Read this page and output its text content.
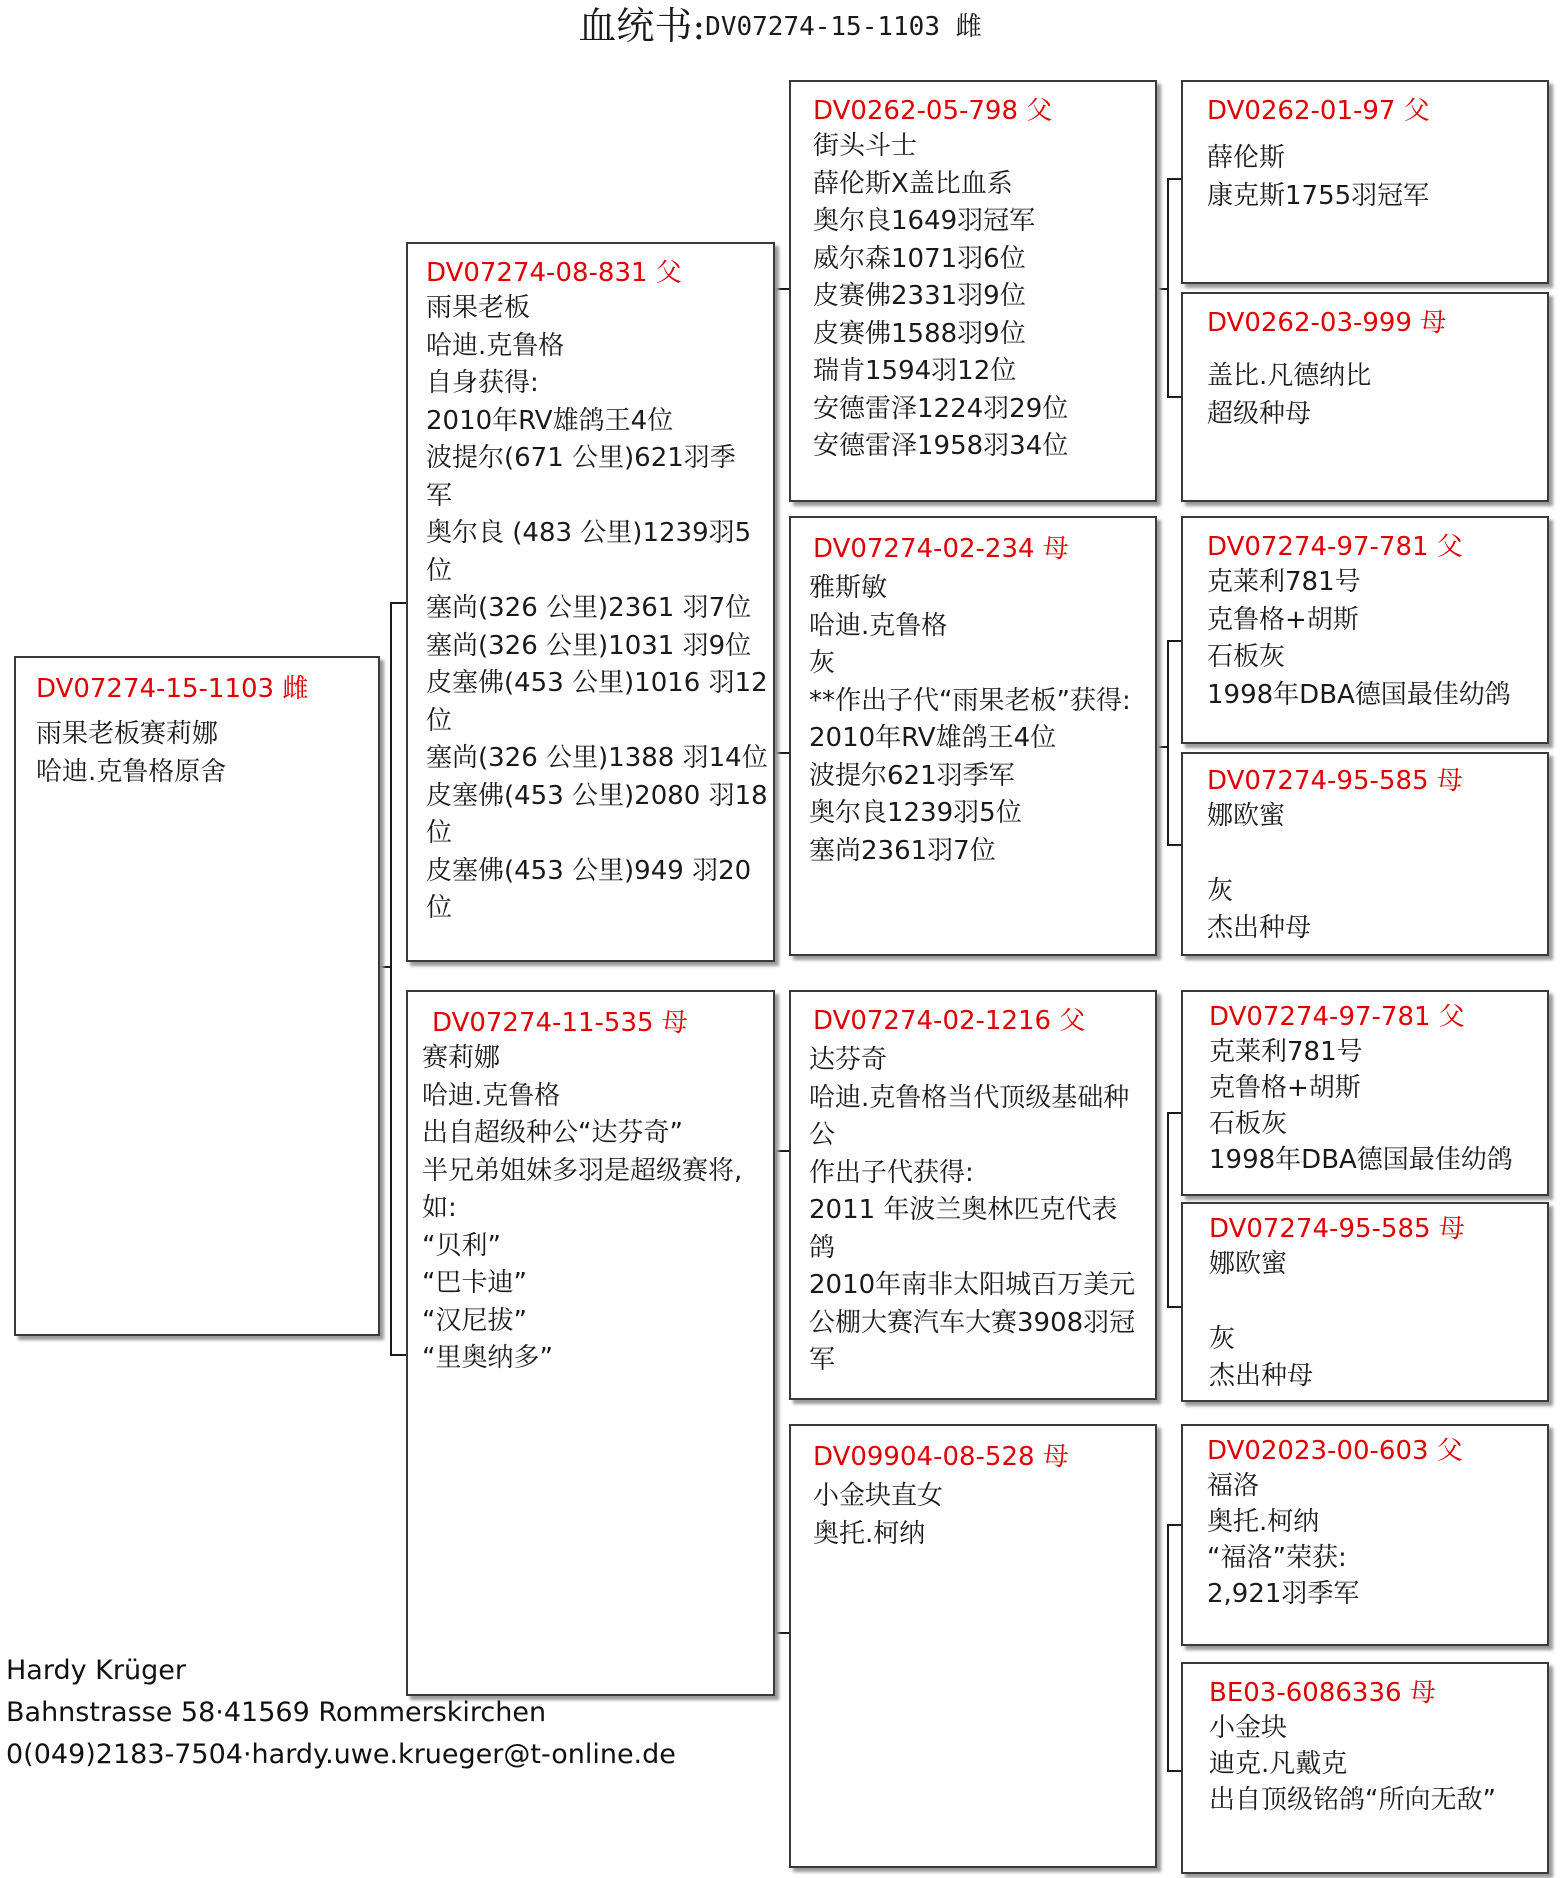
血统书:DV07274-15-1103 雌
DV07274-15-1103 雌
雨果老板赛莉娜
哈迪.克鲁格原舍
DV07274-08-831 父
雨果老板
哈迪.克鲁格
自身获得:
2010年RV雄鸽王4位
波提尔(671 公里)621羽季军
奥尔良 (483 公里)1239羽5位
塞尚(326 公里)2361 羽7位
塞尚(326 公里)1031 羽9位
皮塞佛(453 公里)1016 羽12位
塞尚(326 公里)1388 羽14位
皮塞佛(453 公里)2080 羽18位
皮塞佛(453 公里)949 羽20位
DV07274-11-535 母
赛莉娜
哈迪.克鲁格
出自超级种公“达芬奇”
半兄弟姐妹多羽是超级赛将,如:
“贝利”
“巴卡迪”
“汉尼拔”
“里奥纳多”
DV0262-05-798 父
街头斗士
薛伦斯X盖比血系
奥尔良1649羽冠军
威尔森1071羽6位
皮赛佛2331羽9位
皮赛佛1588羽9位
瑞肯1594羽12位
安德雷泽1224羽29位
安德雷泽1958羽34位
DV07274-02-234 母
雅斯敏
哈迪.克鲁格
灰
**作出子代“雨果老板”获得:
2010年RV雄鸽王4位
波提尔621羽季军
奥尔良1239羽5位
塞尚2361羽7位
DV07274-02-1216 父
达芬奇
哈迪.克鲁格当代顶级基础种公
作出子代获得:
2011 年波兰奥林匹克代表鸽
2010年南非太阳城百万美元公棚大赛汽车大赛3908羽冠军
DV09904-08-528 母
小金块直女
奥托.柯纳
DV0262-01-97 父
薛伦斯
康克斯1755羽冠军
DV0262-03-999 母
盖比.凡德纳比
超级种母
DV07274-97-781 父
克莱利781号
克鲁格+胡斯
石板灰
1998年DBA德国最佳幼鸽
DV07274-95-585 母
娜欧蜜
灰
杰出种母
DV07274-97-781 父
克莱利781号
克鲁格+胡斯
石板灰
1998年DBA德国最佳幼鸽
DV07274-95-585 母
娜欧蜜
灰
杰出种母
DV02023-00-603 父
福洛
奥托.柯纳
“福洛”荣获:
2,921羽季军
BE03-6086336 母
小金块
迪克.凡戴克
出自顶级铭鸽“所向无敌”
Hardy Krüger
Bahnstrasse 58·41569 Rommerskirchen
0(049)2183-7504·hardy.uwe.krueger@t-online.de
